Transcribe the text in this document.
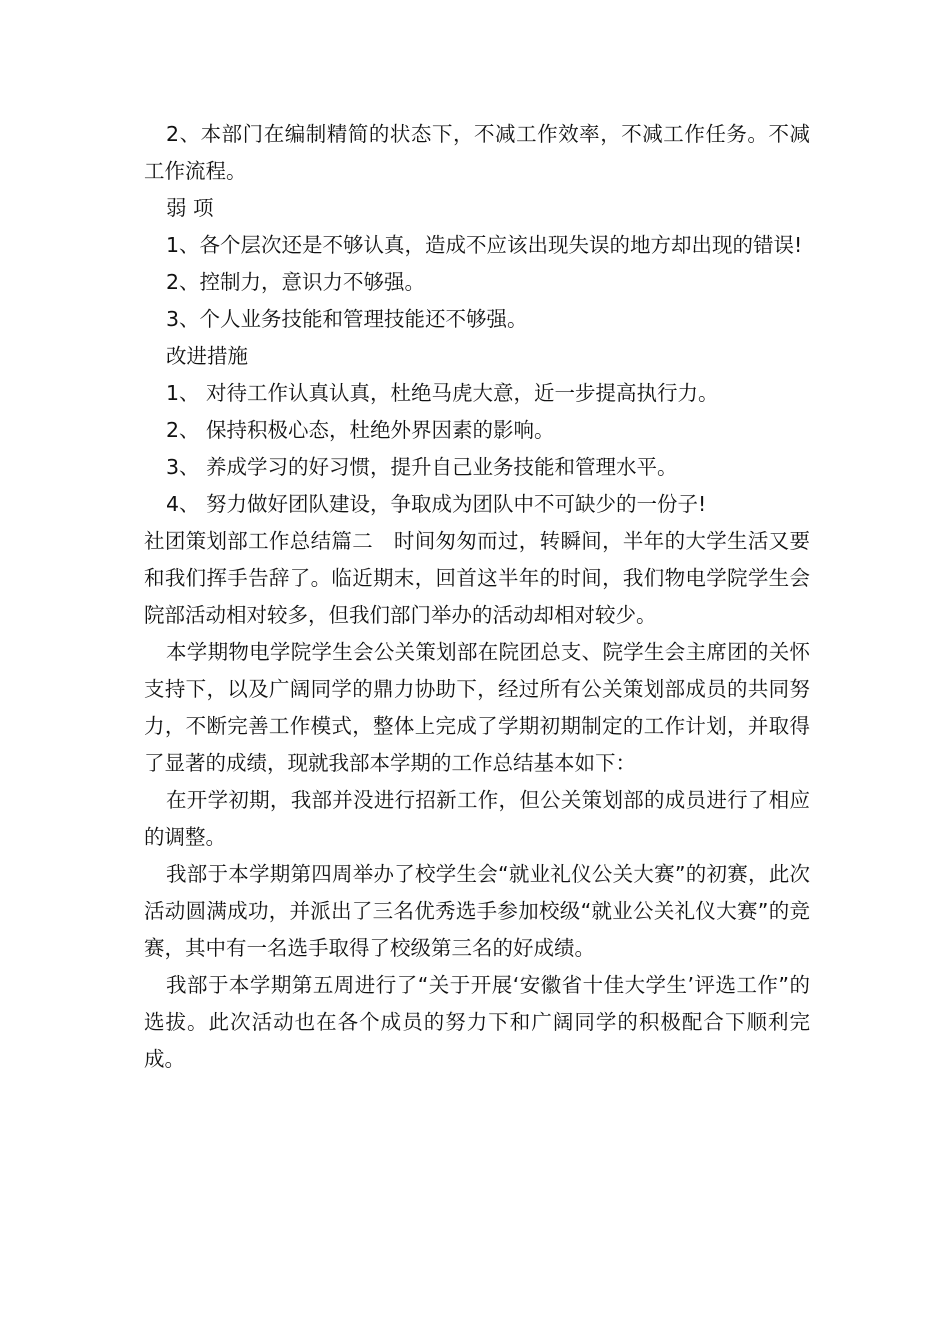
2、本部门在编制精简的状态下，不减工作效率，不减工作任务。不减工作流程。

弱 项

1、各个层次还是不够认真，造成不应该出现失误的地方却出现的错误!

2、控制力，意识力不够强。

3、个人业务技能和管理技能还不够强。

改进措施

1、 对待工作认真认真，杜绝马虎大意，近一步提高执行力。

2、 保持积极心态，杜绝外界因素的影响。

3、 养成学习的好习惯，提升自己业务技能和管理水平。

4、 努力做好团队建设，争取成为团队中不可缺少的一份子!

社团策划部工作总结篇二　时间匆匆而过，转瞬间，半年的大学生活又要和我们挥手告辞了。临近期末，回首这半年的时间，我们物电学院学生会院部活动相对较多，但我们部门举办的活动却相对较少。

本学期物电学院学生会公关策划部在院团总支、院学生会主席团的关怀支持下，以及广阔同学的鼎力协助下，经过所有公关策划部成员的共同努力，不断完善工作模式，整体上完成了学期初期制定的工作计划，并取得了显著的成绩，现就我部本学期的工作总结基本如下：

在开学初期，我部并没进行招新工作，但公关策划部的成员进行了相应的调整。

我部于本学期第四周举办了校学生会“就业礼仪公关大赛”的初赛，此次活动圆满成功，并派出了三名优秀选手参加校级“就业公关礼仪大赛”的竞赛，其中有一名选手取得了校级第三名的好成绩。

我部于本学期第五周进行了“关于开展‘安徽省十佳大学生’评选工作”的选拔。此次活动也在各个成员的努力下和广阔同学的积极配合下顺利完成。
